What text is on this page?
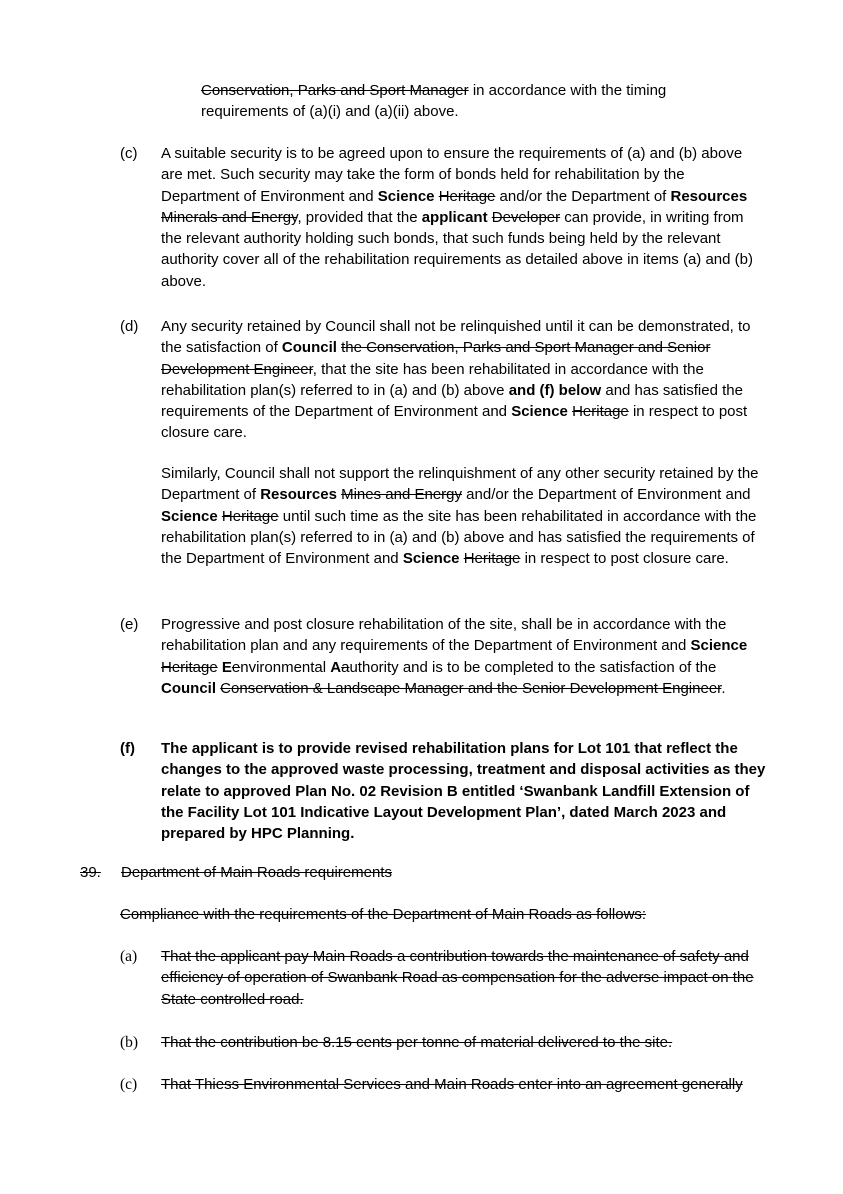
Conservation, Parks and Sport Manager in accordance with the timing requirements of (a)(i) and (a)(ii) above.

(c) A suitable security is to be agreed upon to ensure the requirements of (a) and (b) above are met. Such security may take the form of bonds held for rehabilitation by the Department of Environment and Science Heritage and/or the Department of Resources Minerals and Energy, provided that the applicant Developer can provide, in writing from the relevant authority holding such bonds, that such funds being held by the relevant authority cover all of the rehabilitation requirements as detailed above in items (a) and (b) above.

(d) Any security retained by Council shall not be relinquished until it can be demonstrated, to the satisfaction of Council the Conservation, Parks and Sport Manager and Senior Development Engineer, that the site has been rehabilitated in accordance with the rehabilitation plan(s) referred to in (a) and (b) above and (f) below and has satisfied the requirements of the Department of Environment and Science Heritage in respect to post closure care.

Similarly, Council shall not support the relinquishment of any other security retained by the Department of Resources Mines and Energy and/or the Department of Environment and Science Heritage until such time as the site has been rehabilitated in accordance with the rehabilitation plan(s) referred to in (a) and (b) above and has satisfied the requirements of the Department of Environment and Science Heritage in respect to post closure care.

(e) Progressive and post closure rehabilitation of the site, shall be in accordance with the rehabilitation plan and any requirements of the Department of Environment and Science Heritage Eenvironmental Aauthority and is to be completed to the satisfaction of the Council Conservation & Landscape Manager and the Senior Development Engineer.

(f) The applicant is to provide revised rehabilitation plans for Lot 101 that reflect the changes to the approved waste processing, treatment and disposal activities as they relate to approved Plan No. 02 Revision B entitled ‘Swanbank Landfill Extension of the Facility Lot 101 Indicative Layout Development Plan’, dated March 2023 and prepared by HPC Planning.

39. Department of Main Roads requirements

Compliance with the requirements of the Department of Main Roads as follows:

(a) That the applicant pay Main Roads a contribution towards the maintenance of safety and efficiency of operation of Swanbank Road as compensation for the adverse impact on the State controlled road.

(b) That the contribution be 8.15 cents per tonne of material delivered to the site.

(c) That Thiess Environmental Services and Main Roads enter into an agreement generally
